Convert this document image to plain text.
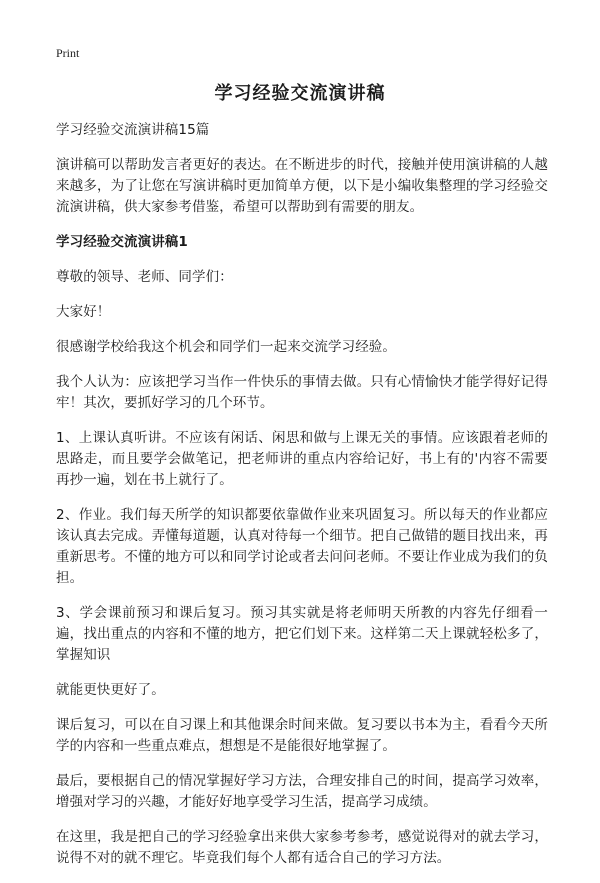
Print
学习经验交流演讲稿

学习经验交流演讲稿15篇

演讲稿可以帮助发言者更好的表达。在不断进步的时代，接触并使用演讲稿的人越来越多，为了让您在写演讲稿时更加简单方便，以下是小编收集整理的学习经验交流演讲稿，供大家参考借鉴，希望可以帮助到有需要的朋友。

学习经验交流演讲稿1

尊敬的领导、老师、同学们：

大家好！

很感谢学校给我这个机会和同学们一起来交流学习经验。

我个人认为：应该把学习当作一件快乐的事情去做。只有心情愉快才能学得好记得牢！其次，要抓好学习的几个环节。

1、上课认真听讲。不应该有闲话、闲思和做与上课无关的事情。应该跟着老师的思路走，而且要学会做笔记，把老师讲的重点内容给记好，书上有的'内容不需要再抄一遍，划在书上就行了。

2、作业。我们每天所学的知识都要依靠做作业来巩固复习。所以每天的作业都应该认真去完成。弄懂每道题，认真对待每一个细节。把自己做错的题目找出来，再重新思考。不懂的地方可以和同学讨论或者去问问老师。不要让作业成为我们的负担。

3、学会课前预习和课后复习。预习其实就是将老师明天所教的内容先仔细看一遍，找出重点的内容和不懂的地方，把它们划下来。这样第二天上课就轻松多了，掌握知识

就能更快更好了。

课后复习，可以在自习课上和其他课余时间来做。复习要以书本为主，看看今天所学的内容和一些重点难点，想想是不是能很好地掌握了。

最后，要根据自己的情况掌握好学习方法，合理安排自己的时间，提高学习效率，增强对学习的兴趣，才能好好地享受学习生活，提高学习成绩。

在这里，我是把自己的学习经验拿出来供大家参考参考，感觉说得对的就去学习，说得不对的就不理它。毕竟我们每个人都有适合自己的学习方法。
